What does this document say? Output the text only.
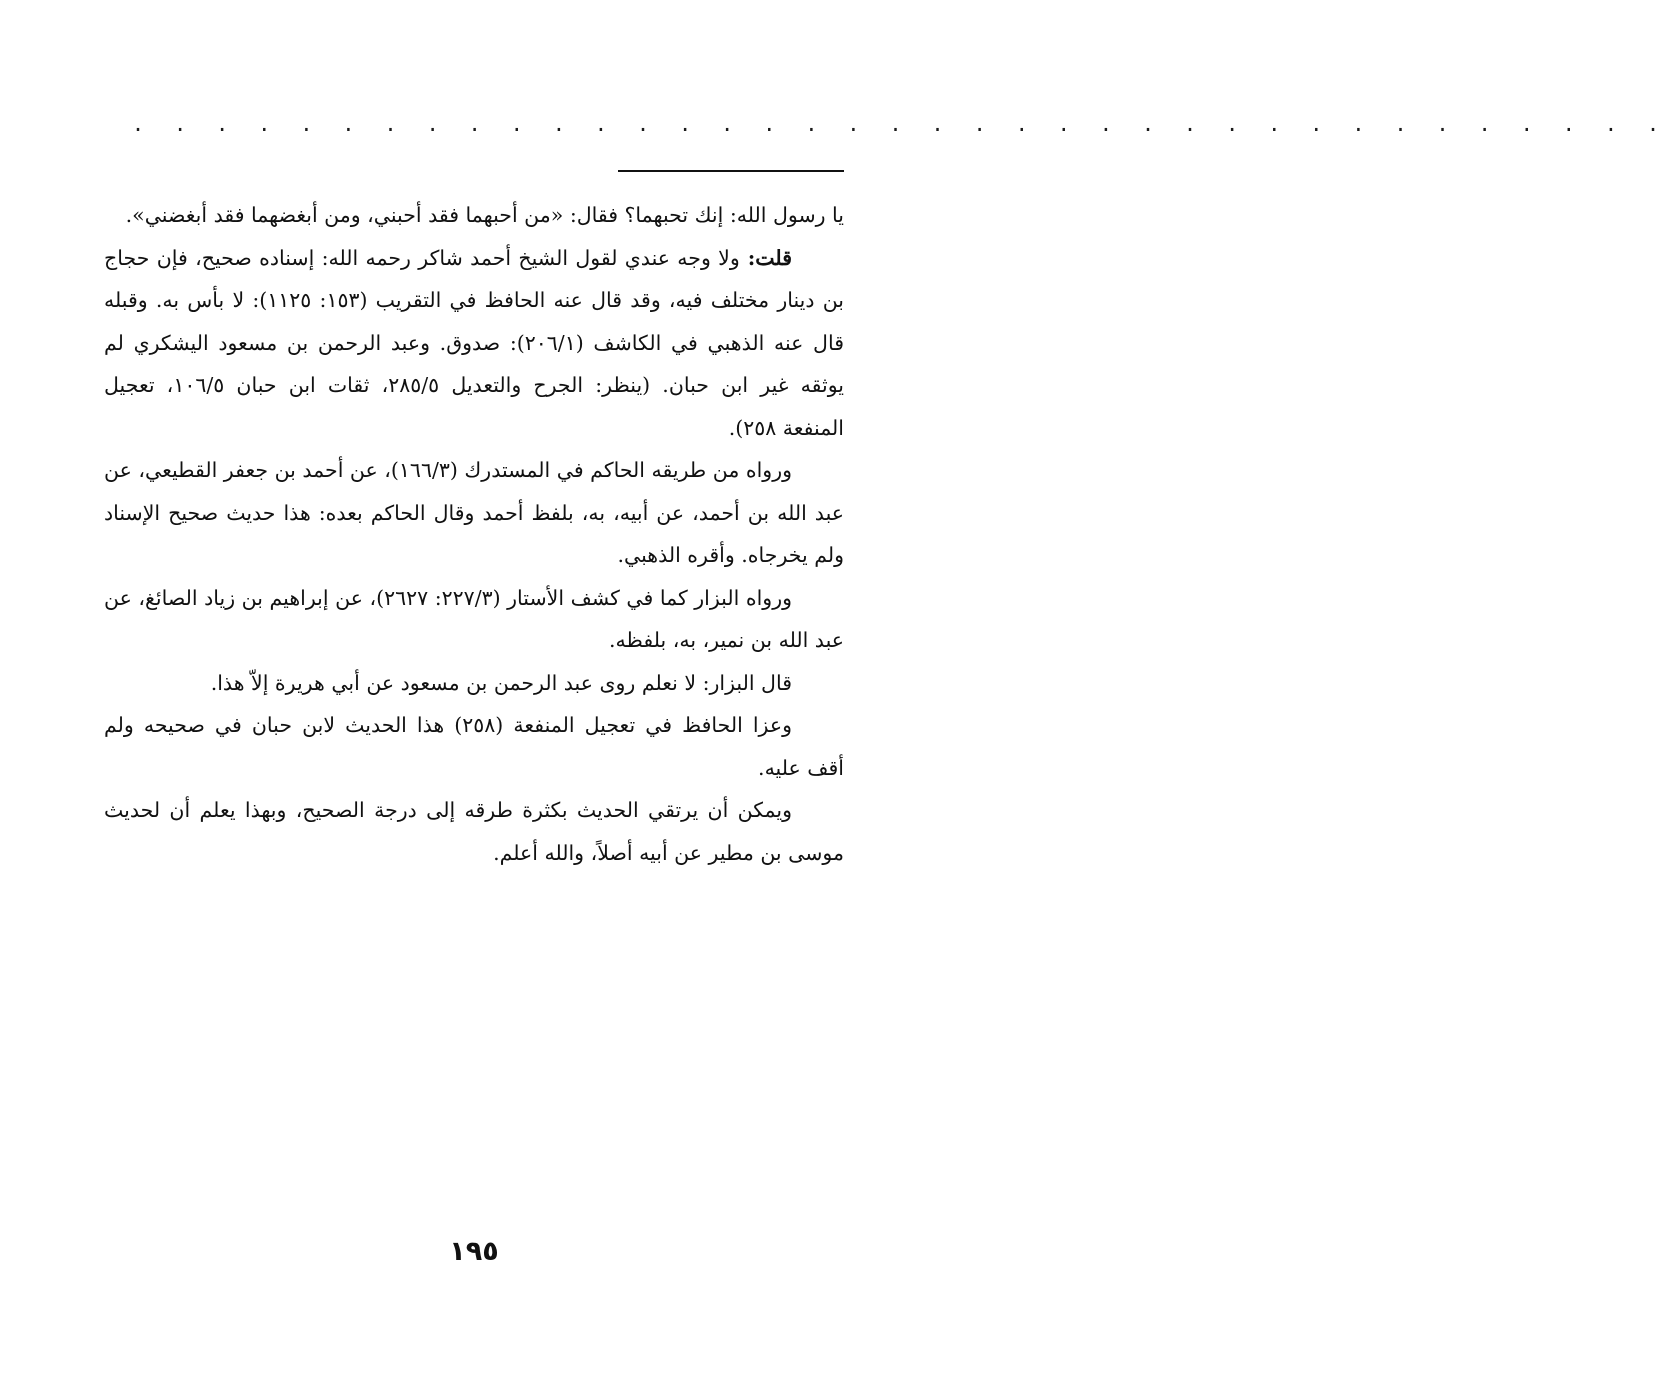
. . . . . . . . . . . . . . . . . . . . . . . . . . . . . . . . . . . . .

يا رسول الله: إنك تحبهما؟ فقال: «من أحبهما فقد أحبني، ومن أبغضهما فقد أبغضني».

قلت: ولا وجه عندي لقول الشيخ أحمد شاكر رحمه الله: إسناده صحيح، فإن حجاج بن دينار مختلف فيه، وقد قال عنه الحافظ في التقريب (١٥٣: ١١٢٥): لا بأس به. وقبله قال عنه الذهبي في الكاشف (٢٠٦/١): صدوق. وعبد الرحمن بن مسعود اليشكري لم يوثقه غير ابن حبان. (ينظر: الجرح والتعديل ٢٨٥/٥، ثقات ابن حبان ١٠٦/٥، تعجيل المنفعة ٢٥٨).

ورواه من طريقه الحاكم في المستدرك (١٦٦/٣)، عن أحمد بن جعفر القطيعي، عن عبد الله بن أحمد، عن أبيه، به، بلفظ أحمد وقال الحاكم بعده: هذا حديث صحيح الإسناد ولم يخرجاه. وأقره الذهبي.

ورواه البزار كما في كشف الأستار (٢٢٧/٣: ٢٦٢٧)، عن إبراهيم بن زياد الصائغ، عن عبد الله بن نمير، به، بلفظه.

قال البزار: لا نعلم روى عبد الرحمن بن مسعود عن أبي هريرة إلاّ هذا.

وعزا الحافظ في تعجيل المنفعة (٢٥٨) هذا الحديث لابن حبان في صحيحه ولم أقف عليه.

ويمكن أن يرتقي الحديث بكثرة طرقه إلى درجة الصحيح، وبهذا يعلم أن لحديث موسى بن مطير عن أبيه أصلاً، والله أعلم.

١٩٥
